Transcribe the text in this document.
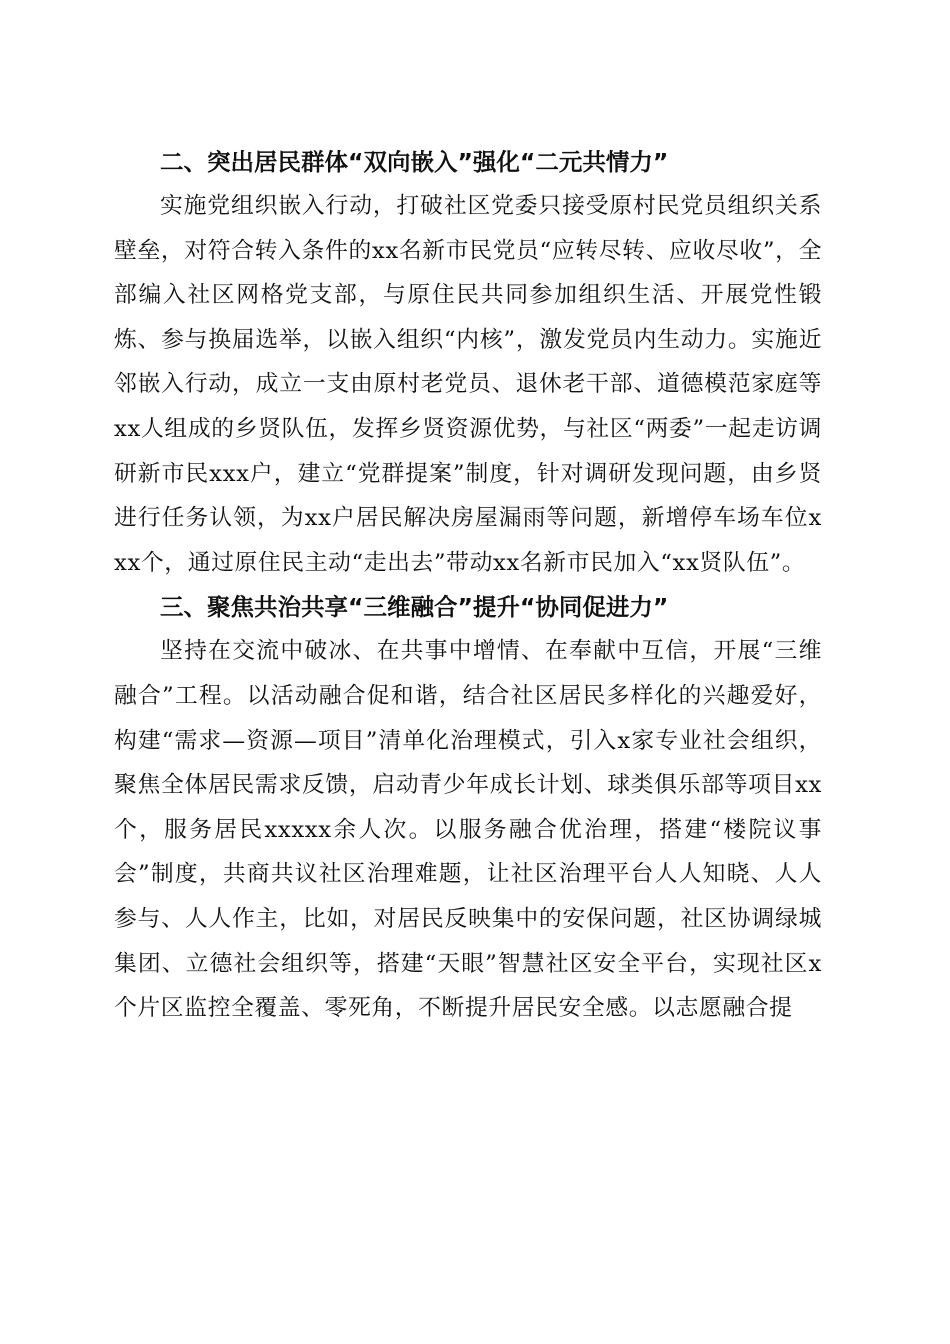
二、突出居民群体“双向嵌入”强化“二元共情力”

实施党组织嵌入行动，打破社区党委只接受原村民党员组织关系壁垒，对符合转入条件的xx名新市民党员“应转尽转、应收尽收”，全部编入社区网格党支部，与原住民共同参加组织生活、开展党性锻炼、参与换届选举，以嵌入组织“内核”，激发党员内生动力。实施近邻嵌入行动，成立一支由原村老党员、退休老干部、道德模范家庭等xx人组成的乡贤队伍，发挥乡贤资源优势，与社区“两委”一起走访调研新市民xxx户，建立“党群提案”制度，针对调研发现问题，由乡贤进行任务认领，为xx户居民解决房屋漏雨等问题，新增停车场车位xxx个，通过原住民主动“走出去”带动xx名新市民加入“xx贤队伍”。

三、聚焦共治共享“三维融合”提升“协同促进力”

坚持在交流中破冰、在共事中增情、在奉献中互信，开展“三维融合”工程。以活动融合促和谐，结合社区居民多样化的兴趣爱好，构建“需求—资源—项目”清单化治理模式，引入x家专业社会组织，聚焦全体居民需求反馈，启动青少年成长计划、球类俱乐部等项目xx个，服务居民xxxxx余人次。以服务融合优治理，搭建“楼院议事会”制度，共商共议社区治理难题，让社区治理平台人人知晓、人人参与、人人作主，比如，对居民反映集中的安保问题，社区协调绿城集团、立德社会组织等，搭建“天眼”智慧社区安全平台，实现社区x个片区监控全覆盖、零死角，不断提升居民安全感。以志愿融合提
